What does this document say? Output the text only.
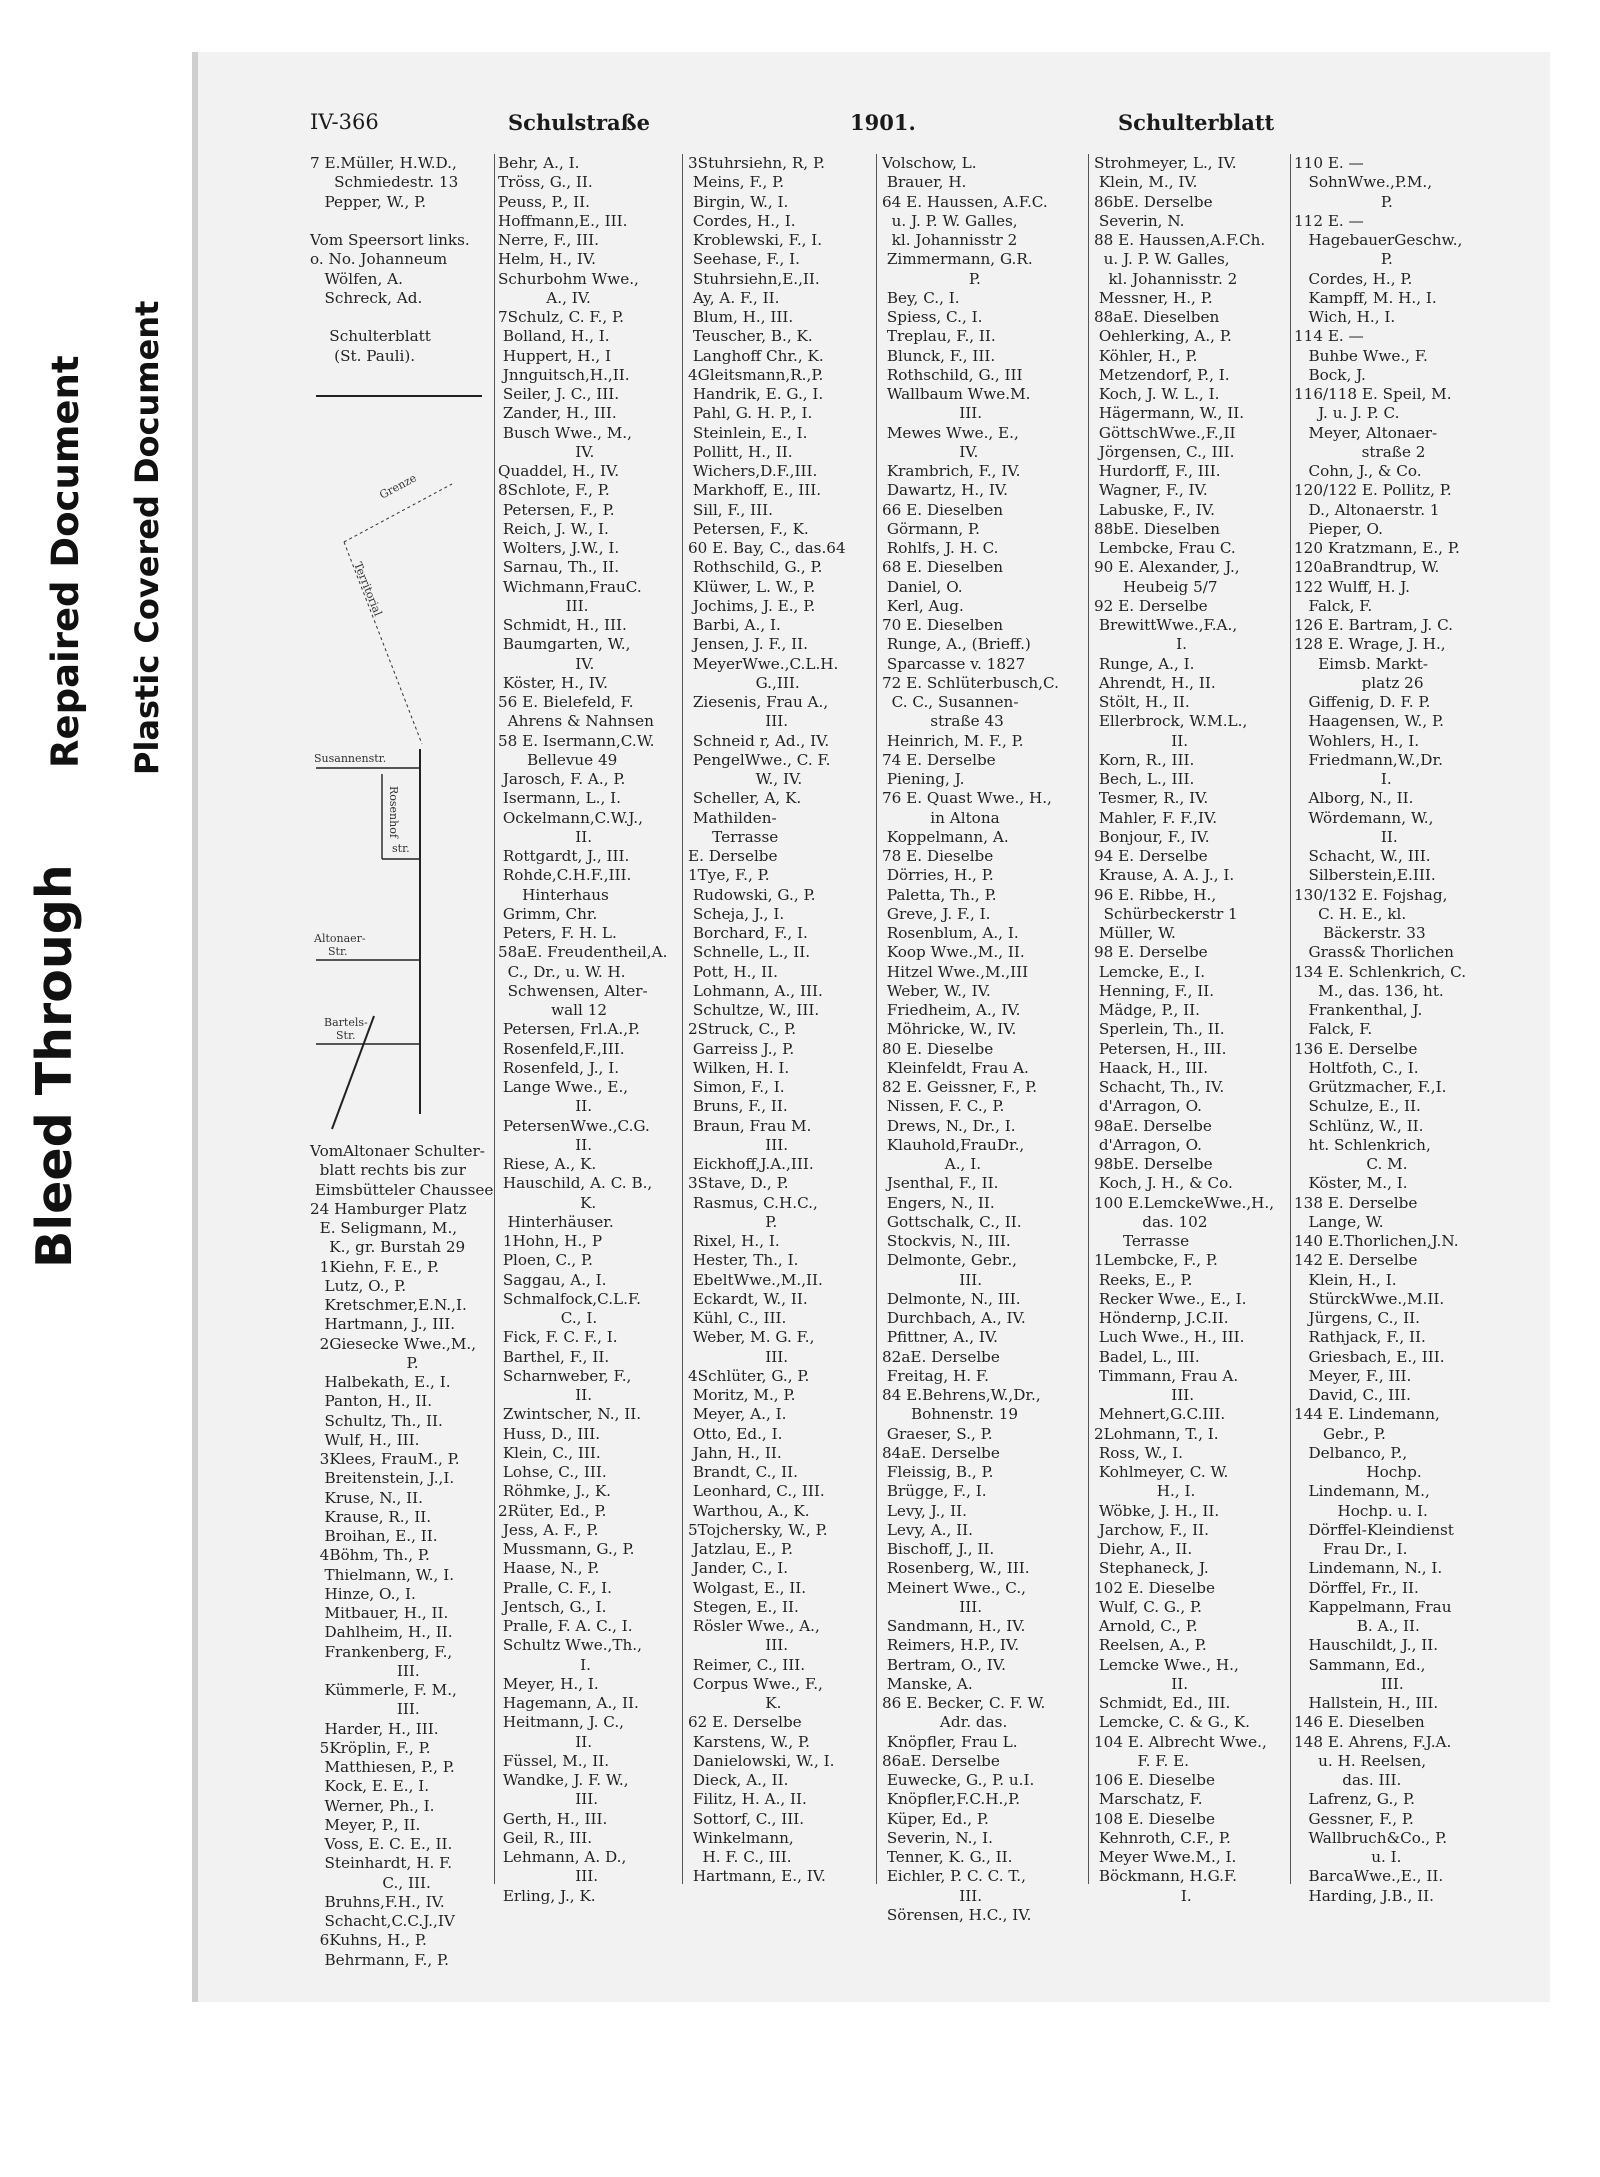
Bleed Through
Repaired Document Plastic Covered Document
IV-366	Schulstraße	1901.	Schulterblatt
7 E.Müller, H.W.D.,
Schmiedestr. 13
Pepper, W., P.

Vom Speersort links.
o. No. Johanneum
Wölfen, A.
Schreck, Ad.

Schulterblatt
(St. Pauli).
Grenze
Territorial
Susannenstr.
Rosenhof
str.
Altonaer-
Str.
Bartels-
Str.
VomAltonaer Schulter-
blatt rechts bis zur
Eimsbütteler Chaussee
24 Hamburger Platz
E. Seligmann, M.,
K., gr. Burstah 29
1Kiehn, F. E., P.
Lutz, O., P.
Kretschmer,E.N.,I.
Hartmann, J., III.
2Giesecke Wwe.,M.,
P.
Halbekath, E., I.
Panton, H., II.
Schultz, Th., II.
Wulf, H., III.
3Klees, FrauM., P.
Breitenstein, J.,I.
Kruse, N., II.
Krause, R., II.
Broihan, E., II.
4Böhm, Th., P.
Thielmann, W., I.
Hinze, O., I.
Mitbauer, H., II.
Dahlheim, H., II.
Frankenberg, F.,
III.
Kümmerle, F. M.,
III.
Harder, H., III.
5Kröplin, F., P.
Matthiesen, P., P.
Kock, E. E., I.
Werner, Ph., I.
Meyer, P., II.
Voss, E. C. E., II.
Steinhardt, H. F.
C., III.
Bruhns,F.H., IV.
Schacht,C.C.J.,IV
6Kuhns, H., P.
Behrmann, F., P.
Behr, A., I.
Tröss, G., II.
Peuss, P., II.
Hoffmann,E., III.
Nerre, F., III.
Helm, H., IV.
Schurbohm Wwe.,
A., IV.
7Schulz, C. F., P.
Bolland, H., I.
Huppert, H., I
Jnnguitsch,H.,II.
Seiler, J. C., III.
Zander, H., III.
Busch Wwe., M.,
IV.
Quaddel, H., IV.
8Schlote, F., P.
Petersen, F., P.
Reich, J. W., I.
Wolters, J.W., I.
Sarnau, Th., II.
Wichmann,FrauC.
III.
Schmidt, H., III.
Baumgarten, W.,
IV.
Köster, H., IV.
56 E. Bielefeld, F.
Ahrens & Nahnsen
58 E. Isermann,C.W.
Bellevue 49
Jarosch, F. A., P.
Isermann, L., I.
Ockelmann,C.W.J.,
II.
Rottgardt, J., III.
Rohde,C.H.F.,III.
Hinterhaus
Grimm, Chr.
Peters, F. H. L.
58aE. Freudentheil,A.
C., Dr., u. W. H.
Schwensen, Alter-
wall 12
Petersen, Frl.A.,P.
Rosenfeld,F.,III.
Rosenfeld, J., I.
Lange Wwe., E.,
II.
PetersenWwe.,C.G.
II.
Riese, A., K.
Hauschild, A. C. B.,
K.
Hinterhäuser.
1Hohn, H., P
Ploen, C., P.
Saggau, A., I.
Schmalfock,C.L.F.
C., I.
Fick, F. C. F., I.
Barthel, F., II.
Scharnweber, F.,
II.
Zwintscher, N., II.
Huss, D., III.
Klein, C., III.
Lohse, C., III.
Röhmke, J., K.
2Rüter, Ed., P.
Jess, A. F., P.
Mussmann, G., P.
Haase, N., P.
Pralle, C. F., I.
Jentsch, G., I.
Pralle, F. A. C., I.
Schultz Wwe.,Th.,
I.
Meyer, H., I.
Hagemann, A., II.
Heitmann, J. C.,
II.
Füssel, M., II.
Wandke, J. F. W.,
III.
Gerth, H., III.
Geil, R., III.
Lehmann, A. D.,
III.
Erling, J., K.
3Stuhrsiehn, R, P.
Meins, F., P.
Birgin, W., I.
Cordes, H., I.
Kroblewski, F., I.
Seehase, F., I.
Stuhrsiehn,E.,II.
Ay, A. F., II.
Blum, H., III.
Teuscher, B., K.
Langhoff Chr., K.
4Gleitsmann,R.,P.
Handrik, E. G., I.
Pahl, G. H. P., I.
Steinlein, E., I.
Pollitt, H., II.
Wichers,D.F.,III.
Markhoff, E., III.
Sill, F., III.
Petersen, F., K.
60 E. Bay, C., das.64
Rothschild, G., P.
Klüwer, L. W., P.
Jochims, J. E., P.
Barbi, A., I.
Jensen, J. F., II.
MeyerWwe.,C.L.H.
G.,III.
Ziesenis, Frau A.,
III.
Schneid r, Ad., IV.
PengelWwe., C. F.
W., IV.
Scheller, A, K.
Mathilden-
Terrasse
E. Derselbe
1Tye, F., P.
Rudowski, G., P.
Scheja, J., I.
Borchard, F., I.
Schnelle, L., II.
Pott, H., II.
Lohmann, A., III.
Schultze, W., III.
2Struck, C., P.
Garreiss J., P.
Wilken, H. I.
Simon, F., I.
Bruns, F., II.
Braun, Frau M.
III.
Eickhoff,J.A.,III.
3Stave, D., P.
Rasmus, C.H.C.,
P.
Rixel, H., I.
Hester, Th., I.
EbeltWwe.,M.,II.
Eckardt, W., II.
Kühl, C., III.
Weber, M. G. F.,
III.
4Schlüter, G., P.
Moritz, M., P.
Meyer, A., I.
Otto, Ed., I.
Jahn, H., II.
Brandt, C., II.
Leonhard, C., III.
Warthou, A., K.
5Tojchersky, W., P.
Jatzlau, E., P.
Jander, C., I.
Wolgast, E., II.
Stegen, E., II.
Rösler Wwe., A.,
III.
Reimer, C., III.
Corpus Wwe., F.,
K.
62 E. Derselbe
Karstens, W., P.
Danielowski, W., I.
Dieck, A., II.
Filitz, H. A., II.
Sottorf, C., III.
Winkelmann,
H. F. C., III.
Hartmann, E., IV.
Volschow, L.
Brauer, H.
64 E. Haussen, A.F.C.
u. J. P. W. Galles,
kl. Johannisstr 2
Zimmermann, G.R.
P.
Bey, C., I.
Spiess, C., I.
Treplau, F., II.
Blunck, F., III.
Rothschild, G., III
Wallbaum Wwe.M.
III.
Mewes Wwe., E.,
IV.
Krambrich, F., IV.
Dawartz, H., IV.
66 E. Dieselben
Görmann, P.
Rohlfs, J. H. C.
68 E. Dieselben
Daniel, O.
Kerl, Aug.
70 E. Dieselben
Runge, A., (Brieff.)
Sparcasse v. 1827
72 E. Schlüterbusch,C.
C. C., Susannen-
straße 43
Heinrich, M. F., P.
74 E. Derselbe
Piening, J.
76 E. Quast Wwe., H.,
in Altona
Koppelmann, A.
78 E. Dieselbe
Dörries, H., P.
Paletta, Th., P.
Greve, J. F., I.
Rosenblum, A., I.
Koop Wwe.,M., II.
Hitzel Wwe.,M.,III
Weber, W., IV.
Friedheim, A., IV.
Möhricke, W., IV.
80 E. Dieselbe
Kleinfeldt, Frau A.
82 E. Geissner, F., P.
Nissen, F. C., P.
Drews, N., Dr., I.
Klauhold,FrauDr.,
A., I.
Jsenthal, F., II.
Engers, N., II.
Gottschalk, C., II.
Stockvis, N., III.
Delmonte, Gebr.,
III.
Delmonte, N., III.
Durchbach, A., IV.
Pfittner, A., IV.
82aE. Derselbe
Freitag, H. F.
84 E.Behrens,W.,Dr.,
Bohnenstr. 19
Graeser, S., P.
84aE. Derselbe
Fleissig, B., P.
Brügge, F., I.
Levy, J., II.
Levy, A., II.
Bischoff, J., II.
Rosenberg, W., III.
Meinert Wwe., C.,
III.
Sandmann, H., IV.
Reimers, H.P., IV.
Bertram, O., IV.
Manske, A.
86 E. Becker, C. F. W.
Adr. das.
Knöpfler, Frau L.
86aE. Derselbe
Euwecke, G., P. u.I.
Knöpfler,F.C.H.,P.
Küper, Ed., P.
Severin, N., I.
Tenner, K. G., II.
Eichler, P. C. C. T.,
III.
Sörensen, H.C., IV.
Strohmeyer, L., IV.
Klein, M., IV.
86bE. Derselbe
Severin, N.
88 E. Haussen,A.F.Ch.
u. J. P. W. Galles,
kl. Johannisstr. 2
Messner, H., P.
88aE. Dieselben
Oehlerking, A., P.
Köhler, H., P.
Metzendorf, P., I.
Koch, J. W. L., I.
Hägermann, W., II.
GöttschWwe.,F.,II
Jörgensen, C., III.
Hurdorff, F., III.
Wagner, F., IV.
Labuske, F., IV.
88bE. Dieselben
Lembcke, Frau C.
90 E. Alexander, J.,
Heubeig 5/7
92 E. Derselbe
BrewittWwe.,F.A.,
I.
Runge, A., I.
Ahrendt, H., II.
Stölt, H., II.
Ellerbrock, W.M.L.,
II.
Korn, R., III.
Bech, L., III.
Tesmer, R., IV.
Mahler, F. F.,IV.
Bonjour, F., IV.
94 E. Derselbe
Krause, A. A. J., I.
96 E. Ribbe, H.,
Schürbeckerstr 1
Müller, W.
98 E. Derselbe
Lemcke, E., I.
Henning, F., II.
Mädge, P., II.
Sperlein, Th., II.
Petersen, H., III.
Haack, H., III.
Schacht, Th., IV.
d'Arragon, O.
98aE. Derselbe
d'Arragon, O.
98bE. Derselbe
Koch, J. H., & Co.
100 E.LemckeWwe.,H.,
das. 102
Terrasse
1Lembcke, F., P.
Reeks, E., P.
Recker Wwe., E., I.
Höndernp, J.C.II.
Luch Wwe., H., III.
Badel, L., III.
Timmann, Frau A.
III.
Mehnert,G.C.III.
2Lohmann, T., I.
Ross, W., I.
Kohlmeyer, C. W.
H., I.
Wöbke, J. H., II.
Jarchow, F., II.
Diehr, A., II.
Stephaneck, J.
102 E. Dieselbe
Wulf, C. G., P.
Arnold, C., P.
Reelsen, A., P.
Lemcke Wwe., H.,
II.
Schmidt, Ed., III.
Lemcke, C. & G., K.
104 E. Albrecht Wwe.,
F. F. E.
106 E. Dieselbe
Marschatz, F.
108 E. Dieselbe
Kehnroth, C.F., P.
Meyer Wwe.M., I.
Böckmann, H.G.F.
I.
110 E. —
SohnWwe.,P.M.,
P.
112 E. —
HagebauerGeschw.,
P.
Cordes, H., P.
Kampff, M. H., I.
Wich, H., I.
114 E. —
Buhbe Wwe., F.
Bock, J.
116/118 E. Speil, M.
J. u. J. P. C.
Meyer, Altonaer-
straße 2
Cohn, J., & Co.
120/122 E. Pollitz, P.
D., Altonaerstr. 1
Pieper, O.
120 Kratzmann, E., P.
120aBrandtrup, W.
122 Wulff, H. J.
Falck, F.
126 E. Bartram, J. C.
128 E. Wrage, J. H.,
Eimsb. Markt-
platz 26
Giffenig, D. F. P.
Haagensen, W., P.
Wohlers, H., I.
Friedmann,W.,Dr.
I.
Alborg, N., II.
Wördemann, W.,
II.
Schacht, W., III.
Silberstein,E.III.
130/132 E. Fojshag,
C. H. E., kl.
Bäckerstr. 33
Grass& Thorlichen
134 E. Schlenkrich, C.
M., das. 136, ht.
Frankenthal, J.
Falck, F.
136 E. Derselbe
Holtfoth, C., I.
Grützmacher, F.,I.
Schulze, E., II.
Schlünz, W., II.
ht. Schlenkrich,
C. M.
Köster, M., I.
138 E. Derselbe
Lange, W.
140 E.Thorlichen,J.N.
142 E. Derselbe
Klein, H., I.
StürckWwe.,M.II.
Jürgens, C., II.
Rathjack, F., II.
Griesbach, E., III.
Meyer, F., III.
David, C., III.
144 E. Lindemann,
Gebr., P.
Delbanco, P.,
Hochp.
Lindemann, M.,
Hochp. u. I.
Dörffel-Kleindienst
Frau Dr., I.
Lindemann, N., I.
Dörffel, Fr., II.
Kappelmann, Frau
B. A., II.
Hauschildt, J., II.
Sammann, Ed.,
III.
Hallstein, H., III.
146 E. Dieselben
148 E. Ahrens, F.J.A.
u. H. Reelsen,
das. III.
Lafrenz, G., P.
Gessner, F., P.
Wallbruch&Co., P.
u. I.
BarcaWwe.,E., II.
Harding, J.B., II.
